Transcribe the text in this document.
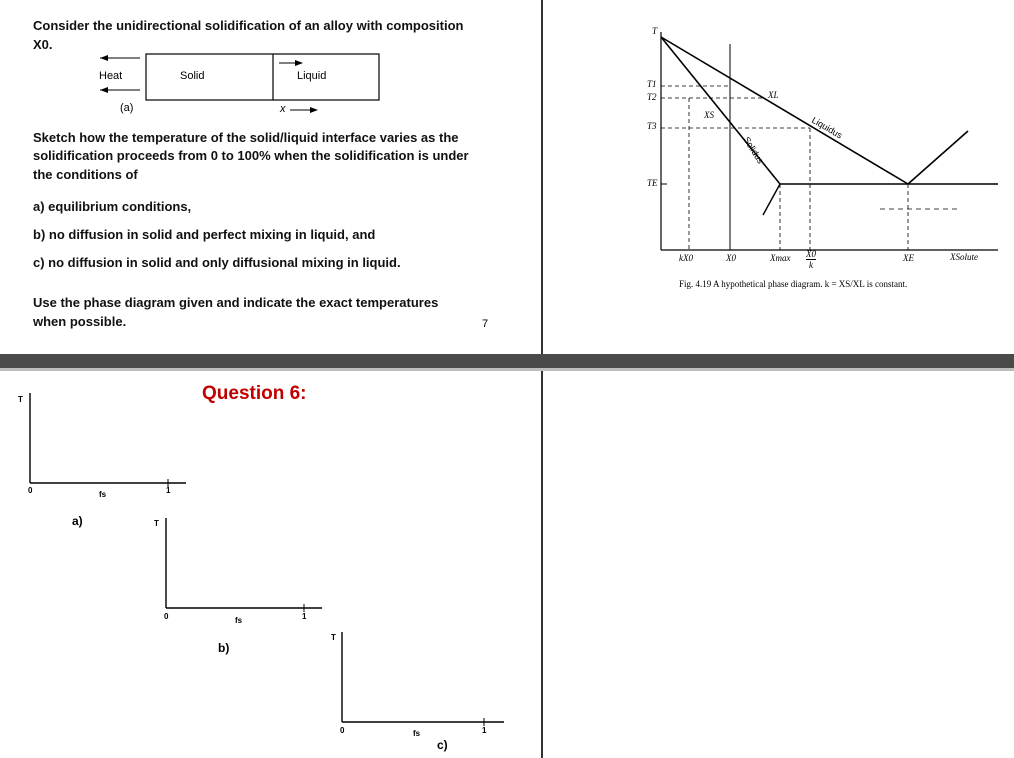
Consider the unidirectional solidification of an alloy with composition
X0.
Heat	Solid	Liquid
(a)	x
Sketch how the temperature of the solid/liquid interface varies as the
solidification proceeds from 0 to 100% when the solidification is under
the conditions of
a) equilibrium conditions,
b) no diffusion in solid and perfect mixing in liquid, and
c) no diffusion in solid and only diffusional mixing in liquid.
Use the phase diagram given and indicate the exact temperatures
when possible.	7
T
T1
T2
T3
TE
XL
XS	Liquidus
Solidus
kX0	X0	Xmax $\frac{X0}{k}$	XE	XSolute
Fig. 4.19 A hypothetical phase diagram. k = XS/XL is constant.
Question 6:
T
0	fs	1
a)	T
0	fs	1
b)
T
0	fs	1
c)
